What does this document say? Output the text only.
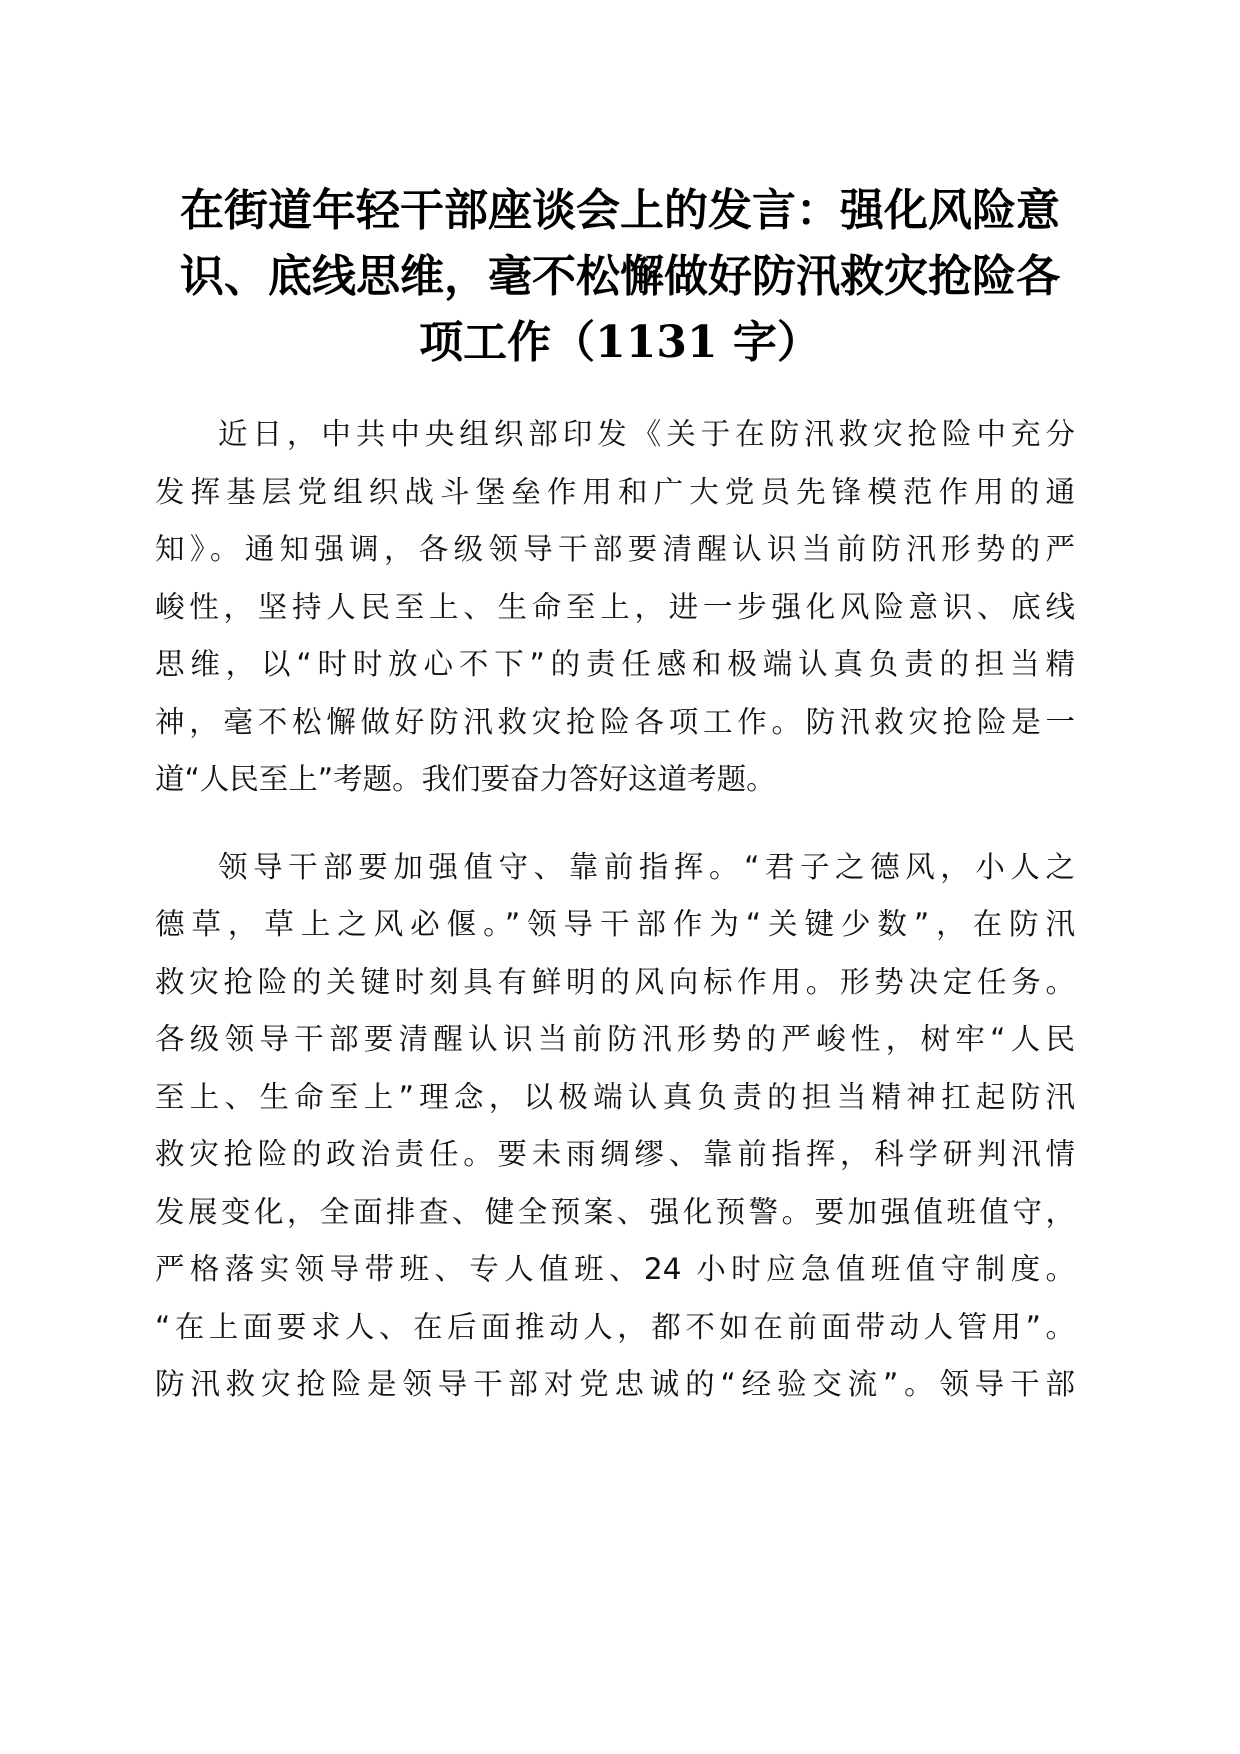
在街道年轻干部座谈会上的发言：强化风险意
识、底线思维，毫不松懈做好防汛救灾抢险各
项工作（1131 字）

近日，中共中央组织部印发《关于在防汛救灾抢险中充分
发挥基层党组织战斗堡垒作用和广大党员先锋模范作用的通
知》。通知强调，各级领导干部要清醒认识当前防汛形势的严
峻性，坚持人民至上、生命至上，进一步强化风险意识、底线
思维，以“时时放心不下”的责任感和极端认真负责的担当精
神，毫不松懈做好防汛救灾抢险各项工作。防汛救灾抢险是一
道“人民至上”考题。我们要奋力答好这道考题。

领导干部要加强值守、靠前指挥。“君子之德风，小人之
德草，草上之风必偃。”领导干部作为“关键少数”，在防汛
救灾抢险的关键时刻具有鲜明的风向标作用。形势决定任务。
各级领导干部要清醒认识当前防汛形势的严峻性，树牢“人民
至上、生命至上”理念，以极端认真负责的担当精神扛起防汛
救灾抢险的政治责任。要未雨绸缪、靠前指挥，科学研判汛情
发展变化，全面排查、健全预案、强化预警。要加强值班值守，
严格落实领导带班、专人值班、24 小时应急值班值守制度。
“在上面要求人、在后面推动人，都不如在前面带动人管用”。
防汛救灾抢险是领导干部对党忠诚的“经验交流”。领导干部
